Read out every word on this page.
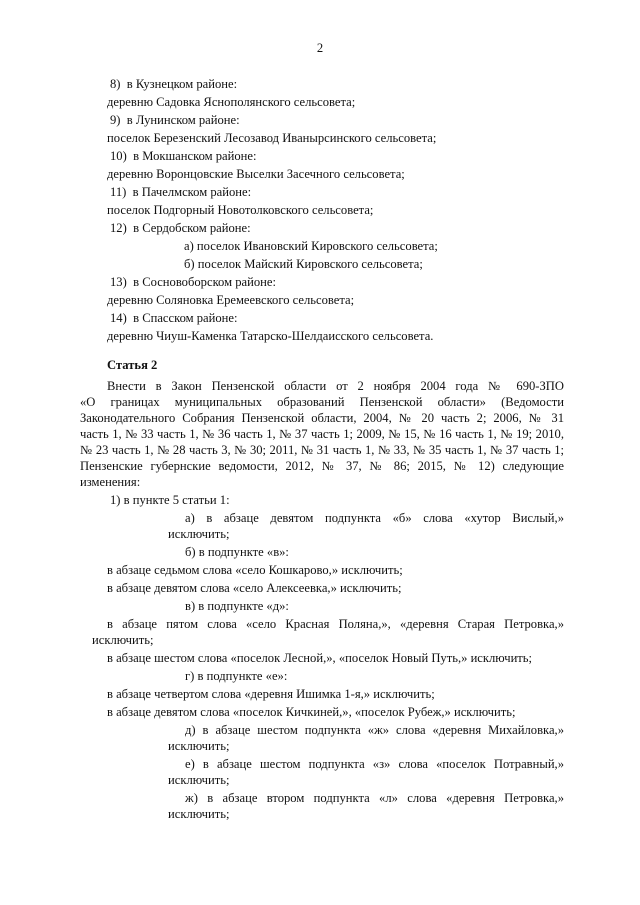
2
8) в Кузнецком районе:
деревню Садовка Яснополянского сельсовета;
9) в Лунинском районе:
поселок Березенский Лесозавод Иванырсинского сельсовета;
10) в Мокшанском районе:
деревню Воронцовские Выселки Засечного сельсовета;
11) в Пачелмском районе:
поселок Подгорный Новотолковского сельсовета;
12) в Сердобском районе:
а) поселок Ивановский Кировского сельсовета;
б) поселок Майский Кировского сельсовета;
13) в Сосновоборском районе:
деревню Соляновка Еремеевского сельсовета;
14) в Спасском районе:
деревню Чиуш-Каменка Татарско-Шелдаисского сельсовета.
Статья 2
Внести в Закон Пензенской области от 2 ноября 2004 года № 690-ЗПО
«О границах муниципальных образований Пензенской области» (Ведомости
Законодательного Собрания Пензенской области, 2004, № 20 часть 2; 2006, № 31
часть 1, № 33 часть 1, № 36 часть 1, № 37 часть 1; 2009, № 15, № 16 часть 1, № 19; 2010,
№ 23 часть 1, № 28 часть 3, № 30; 2011, № 31 часть 1, № 33, № 35 часть 1, № 37 часть 1;
Пензенские губернские ведомости, 2012, № 37, № 86; 2015, № 12) следующие
изменения:
1) в пункте 5 статьи 1:
а) в абзаце девятом подпункта «б» слова «хутор Вислый,»
исключить;
б) в подпункте «в»:
в абзаце седьмом слова «село Кошкарово,» исключить;
в абзаце девятом слова «село Алексеевка,» исключить;
в) в подпункте «д»:
в абзаце пятом слова «село Красная Поляна,», «деревня Старая Петровка,»
исключить;
в абзаце шестом слова «поселок Лесной,», «поселок Новый Путь,» исключить;
г) в подпункте «е»:
в абзаце четвертом слова «деревня Ишимка 1-я,» исключить;
в абзаце девятом слова «поселок Кичкиней,», «поселок Рубеж,» исключить;
д) в абзаце шестом подпункта «ж» слова «деревня Михайловка,»
исключить;
е) в абзаце шестом подпункта «з» слова «поселок Потравный,»
исключить;
ж) в абзаце втором подпункта «л» слова «деревня Петровка,»
исключить;
